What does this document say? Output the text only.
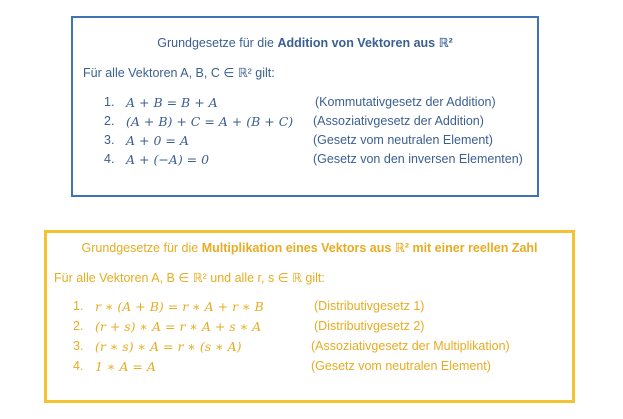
Grundgesetze für die Addition von Vektoren aus ℝ²
Für alle Vektoren A, B, C ∈ ℝ² gilt:
1. A + B = B + A	(Kommutativgesetz der Addition)
2. (A + B) + C = A + (B + C) (Assoziativgesetz der Addition)
3. A + 0 = A	(Gesetz vom neutralen Element)
4. A + (−A) = 0	(Gesetz von den inversen Elementen)
Grundgesetze für die Multiplikation eines Vektors aus ℝ² mit einer reellen Zahl
Für alle Vektoren A, B ∈ ℝ² und alle r, s ∈ ℝ gilt:
1. r ∗ (A + B) = r ∗ A + r ∗ B	(Distributivgesetz 1)
2. (r + s) ∗ A = r ∗ A + s ∗ A	(Distributivgesetz 2)
3. (r ∗ s) ∗ A = r ∗ (s ∗ A)	(Assoziativgesetz der Multiplikation)
4. 1 ∗ A = A	(Gesetz vom neutralen Element)
